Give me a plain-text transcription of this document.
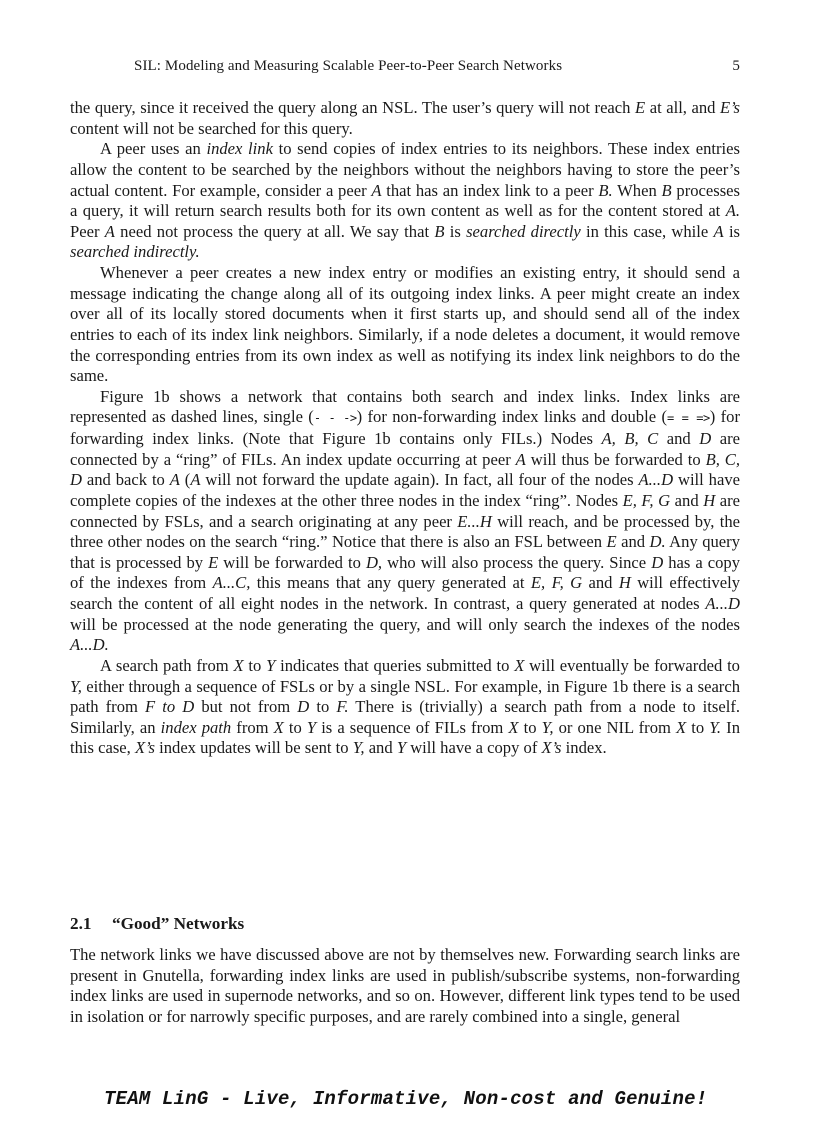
SIL: Modeling and Measuring Scalable Peer-to-Peer Search Networks	5

the query, since it received the query along an NSL. The user’s query will not reach E at all, and E’s content will not be searched for this query.

A peer uses an index link to send copies of index entries to its neighbors. These index entries allow the content to be searched by the neighbors without the neighbors having to store the peer’s actual content. For example, consider a peer A that has an index link to a peer B. When B processes a query, it will return search results both for its own content as well as for the content stored at A. Peer A need not process the query at all. We say that B is searched directly in this case, while A is searched indirectly.

Whenever a peer creates a new index entry or modifies an existing entry, it should send a message indicating the change along all of its outgoing index links. A peer might create an index over all of its locally stored documents when it first starts up, and should send all of the index entries to each of its index link neighbors. Similarly, if a node deletes a document, it would remove the corresponding entries from its own index as well as notifying its index link neighbors to do the same.

Figure 1b shows a network that contains both search and index links. Index links are represented as dashed lines, single (- - ->) for non-forwarding index links and double (= = =>) for forwarding index links. (Note that Figure 1b contains only FILs.) Nodes A, B, C and D are connected by a “ring” of FILs. An index update occurring at peer A will thus be forwarded to B, C, D and back to A (A will not forward the update again). In fact, all four of the nodes A...D will have complete copies of the indexes at the other three nodes in the index “ring”. Nodes E, F, G and H are connected by FSLs, and a search originating at any peer E...H will reach, and be processed by, the three other nodes on the search “ring.” Notice that there is also an FSL between E and D. Any query that is processed by E will be forwarded to D, who will also process the query. Since D has a copy of the indexes from A...C, this means that any query generated at E, F, G and H will effectively search the content of all eight nodes in the network. In contrast, a query generated at nodes A...D will be processed at the node generating the query, and will only search the indexes of the nodes A...D.

A search path from X to Y indicates that queries submitted to X will eventually be forwarded to Y, either through a sequence of FSLs or by a single NSL. For example, in Figure 1b there is a search path from F to D but not from D to F. There is (trivially) a search path from a node to itself. Similarly, an index path from X to Y is a sequence of FILs from X to Y, or one NIL from X to Y. In this case, X’s index updates will be sent to Y, and Y will have a copy of X’s index.

2.1 “Good” Networks

The network links we have discussed above are not by themselves new. Forwarding search links are present in Gnutella, forwarding index links are used in publish/subscribe systems, non-forwarding index links are used in supernode networks, and so on. However, different link types tend to be used in isolation or for narrowly specific purposes, and are rarely combined into a single, general

TEAM LinG - Live, Informative, Non-cost and Genuine!
